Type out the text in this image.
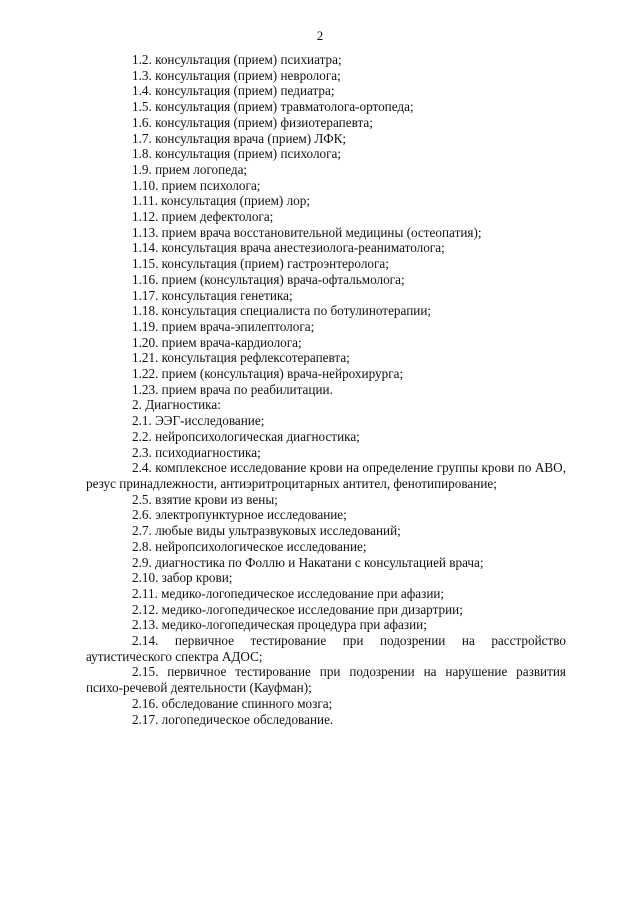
2
1.2. консультация (прием) психиатра;
1.3. консультация (прием) невролога;
1.4. консультация (прием) педиатра;
1.5. консультация (прием) травматолога-ортопеда;
1.6. консультация (прием) физиотерапевта;
1.7. консультация врача (прием) ЛФК;
1.8. консультация (прием) психолога;
1.9. прием логопеда;
1.10. прием психолога;
1.11. консультация (прием) лор;
1.12. прием дефектолога;
1.13. прием врача восстановительной медицины (остеопатия);
1.14. консультация врача анестезиолога-реаниматолога;
1.15. консультация (прием) гастроэнтеролога;
1.16. прием (консультация) врача-офтальмолога;
1.17. консультация генетика;
1.18. консультация специалиста по ботулинотерапии;
1.19. прием врача-эпилептолога;
1.20. прием врача-кардиолога;
1.21. консультация рефлексотерапевта;
1.22. прием (консультация) врача-нейрохирурга;
1.23. прием врача по реабилитации.
2. Диагностика:
2.1. ЭЭГ-исследование;
2.2. нейропсихологическая диагностика;
2.3. психодиагностика;

2.4. комплексное исследование крови на определение группы крови по АВО, резус принадлежности, антиэритроцитарных антител, фенотипирование;

2.5. взятие крови из вены;
2.6. электропунктурное исследование;
2.7. любые виды ультразвуковых исследований;
2.8. нейропсихологическое исследование;
2.9. диагностика по Фоллю и Накатани с консультацией врача;
2.10. забор крови;
2.11. медико-логопедическое исследование при афазии;
2.12. медико-логопедическое исследование при дизартрии;
2.13. медико-логопедическая процедура при афазии;

2.14. первичное тестирование при подозрении на расстройство аутистического спектра АДОС;

2.15. первичное тестирование при подозрении на нарушение развития психо-речевой деятельности (Кауфман);

2.16. обследование спинного мозга;
2.17. логопедическое обследование.
